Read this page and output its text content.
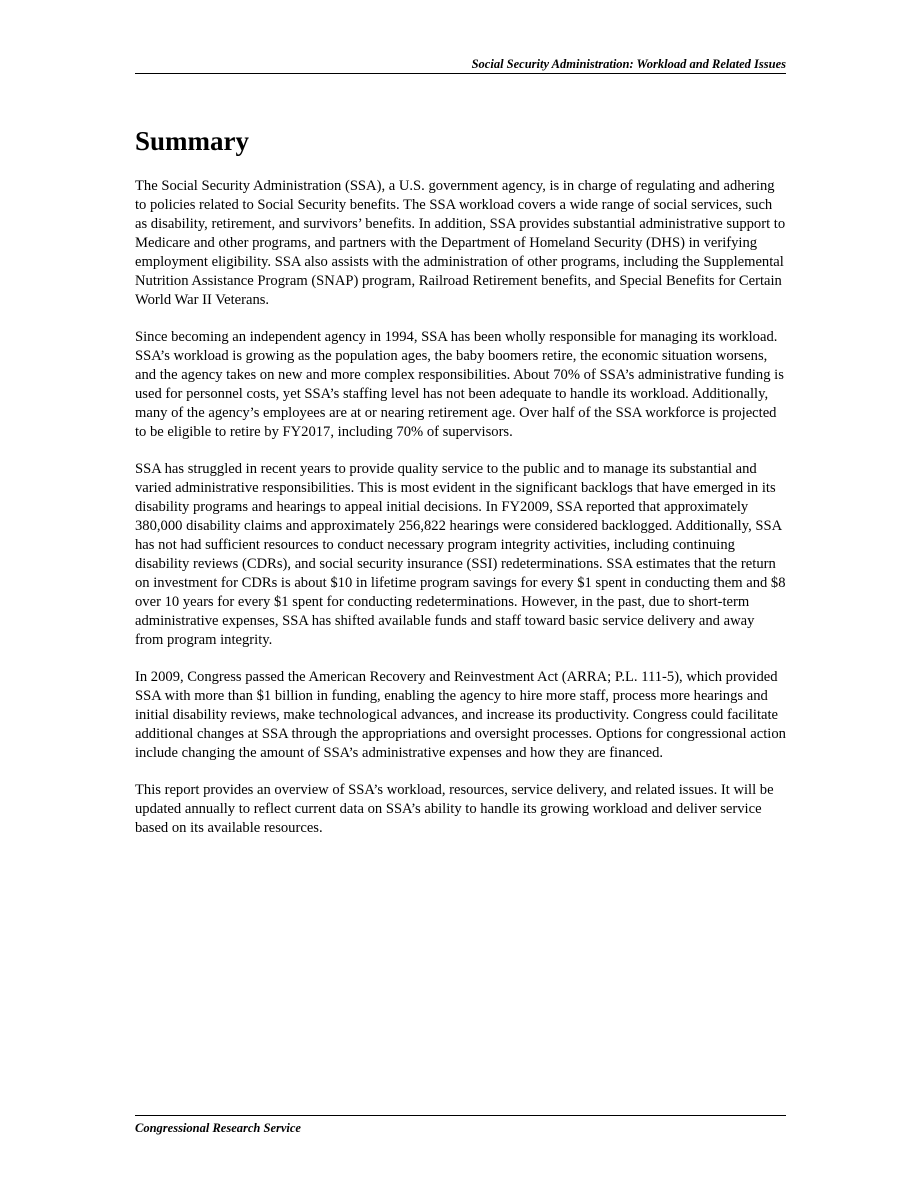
Social Security Administration: Workload and Related Issues
Summary

The Social Security Administration (SSA), a U.S. government agency, is in charge of regulating and adhering to policies related to Social Security benefits. The SSA workload covers a wide range of social services, such as disability, retirement, and survivors’ benefits. In addition, SSA provides substantial administrative support to Medicare and other programs, and partners with the Department of Homeland Security (DHS) in verifying employment eligibility. SSA also assists with the administration of other programs, including the Supplemental Nutrition Assistance Program (SNAP) program, Railroad Retirement benefits, and Special Benefits for Certain World War II Veterans.

Since becoming an independent agency in 1994, SSA has been wholly responsible for managing its workload. SSA’s workload is growing as the population ages, the baby boomers retire, the economic situation worsens, and the agency takes on new and more complex responsibilities. About 70% of SSA’s administrative funding is used for personnel costs, yet SSA’s staffing level has not been adequate to handle its workload. Additionally, many of the agency’s employees are at or nearing retirement age. Over half of the SSA workforce is projected to be eligible to retire by FY2017, including 70% of supervisors.

SSA has struggled in recent years to provide quality service to the public and to manage its substantial and varied administrative responsibilities. This is most evident in the significant backlogs that have emerged in its disability programs and hearings to appeal initial decisions. In FY2009, SSA reported that approximately 380,000 disability claims and approximately 256,822 hearings were considered backlogged. Additionally, SSA has not had sufficient resources to conduct necessary program integrity activities, including continuing disability reviews (CDRs), and social security insurance (SSI) redeterminations. SSA estimates that the return on investment for CDRs is about $10 in lifetime program savings for every $1 spent in conducting them and $8 over 10 years for every $1 spent for conducting redeterminations. However, in the past, due to short-term administrative expenses, SSA has shifted available funds and staff toward basic service delivery and away from program integrity.

In 2009, Congress passed the American Recovery and Reinvestment Act (ARRA; P.L. 111-5), which provided SSA with more than $1 billion in funding, enabling the agency to hire more staff, process more hearings and initial disability reviews, make technological advances, and increase its productivity. Congress could facilitate additional changes at SSA through the appropriations and oversight processes. Options for congressional action include changing the amount of SSA’s administrative expenses and how they are financed.

This report provides an overview of SSA’s workload, resources, service delivery, and related issues. It will be updated annually to reflect current data on SSA’s ability to handle its growing workload and deliver service based on its available resources.

Congressional Research Service
